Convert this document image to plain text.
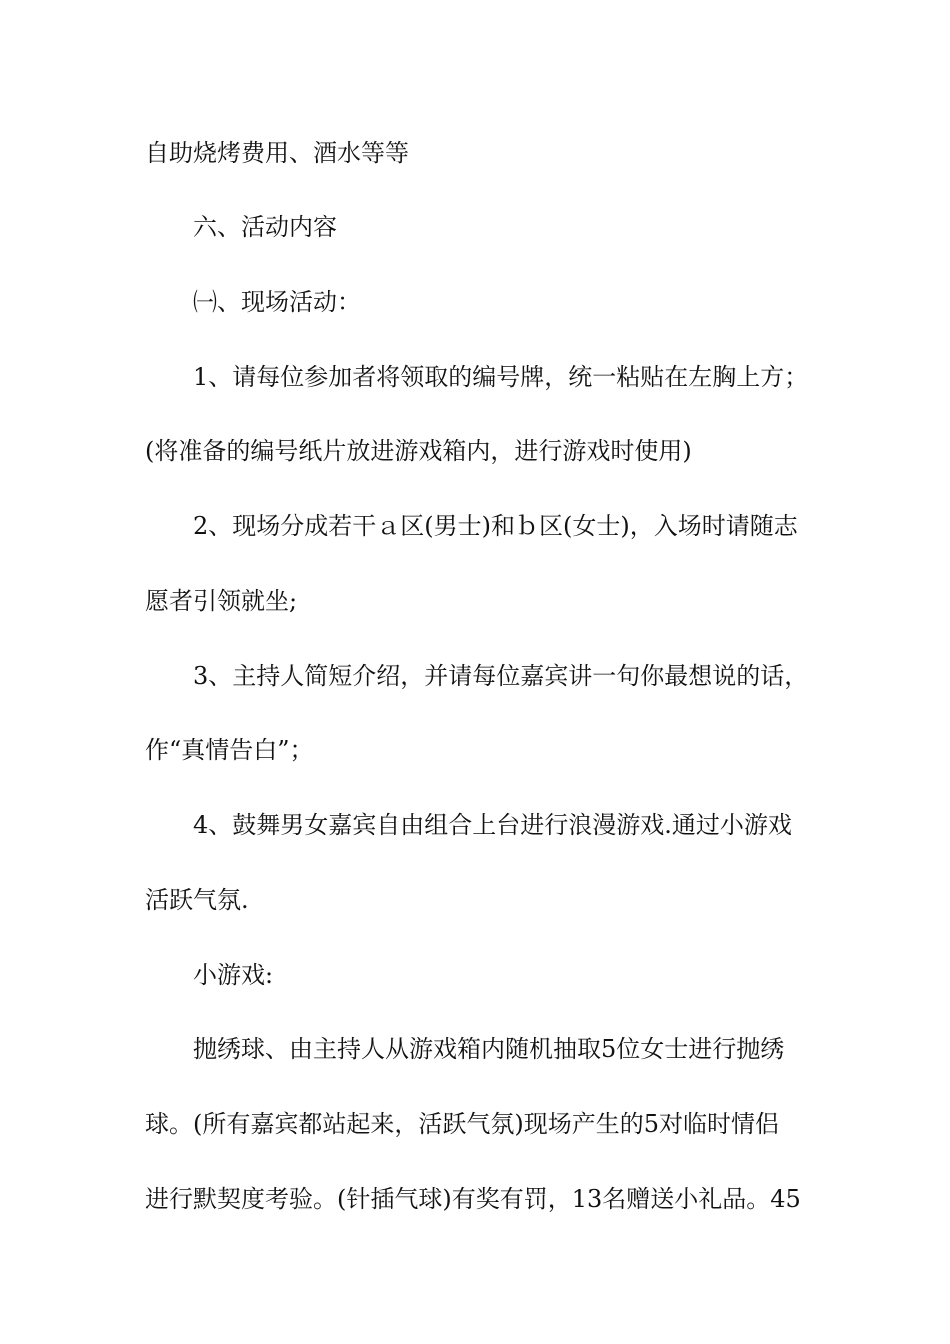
自助烧烤费用、酒水等等
六、活动内容
㈠、现场活动：
1、请每位参加者将领取的编号牌，统一粘贴在左胸上方；
(将准备的编号纸片放进游戏箱内，进行游戏时使用)
2、现场分成若干ａ区(男士)和ｂ区(女士)，入场时请随志
愿者引领就坐;
3、主持人简短介绍，并请每位嘉宾讲一句你最想说的话，
作“真情告白”；
4、鼓舞男女嘉宾自由组合上台进行浪漫游戏.通过小游戏
活跃气氛.
小游戏:
抛绣球、由主持人从游戏箱内随机抽取5位女士进行抛绣
球。(所有嘉宾都站起来，活跃气氛)现场产生的5对临时情侣
进行默契度考验。(针插气球)有奖有罚，13名赠送小礼品。45
